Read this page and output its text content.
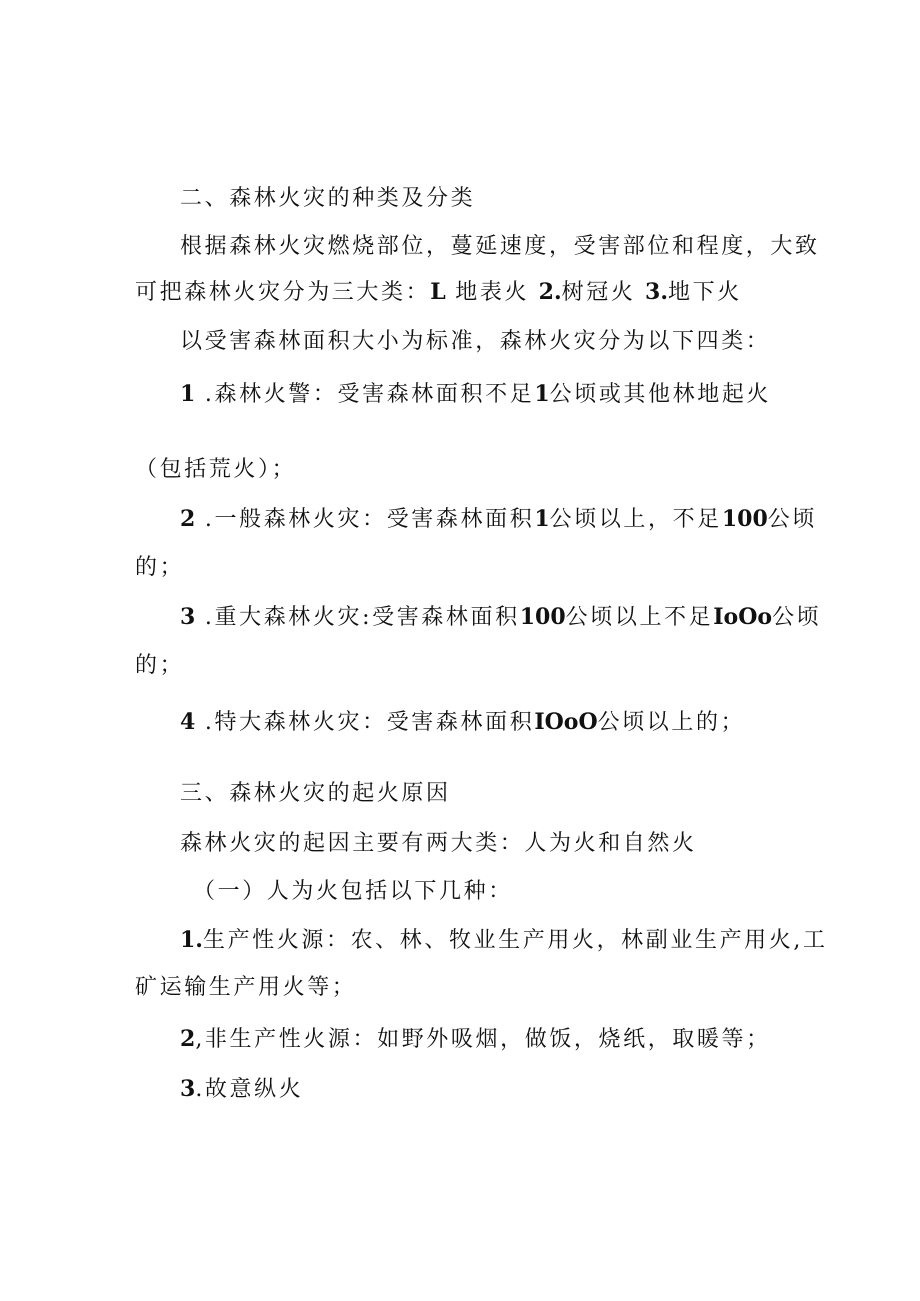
二、森林火灾的种类及分类
根据森林火灾燃烧部位，蔓延速度，受害部位和程度，大致
可把森林火灾分为三大类：L 地表火 2.树冠火 3.地下火
以受害森林面积大小为标准，森林火灾分为以下四类：
1 .森林火警：受害森林面积不足1公顷或其他林地起火
（包括荒火）；
2 .一般森林火灾：受害森林面积1公顷以上，不足100公顷
的；
3 .重大森林火灾:受害森林面积100公顷以上不足IoOo公顷
的；
4 .特大森林火灾：受害森林面积IOoO公顷以上的；
三、森林火灾的起火原因
森林火灾的起因主要有两大类：人为火和自然火
（一）人为火包括以下几种：
1.生产性火源：农、林、牧业生产用火，林副业生产用火,工
矿运输生产用火等；
2,非生产性火源：如野外吸烟，做饭，烧纸，取暖等；
3.故意纵火
